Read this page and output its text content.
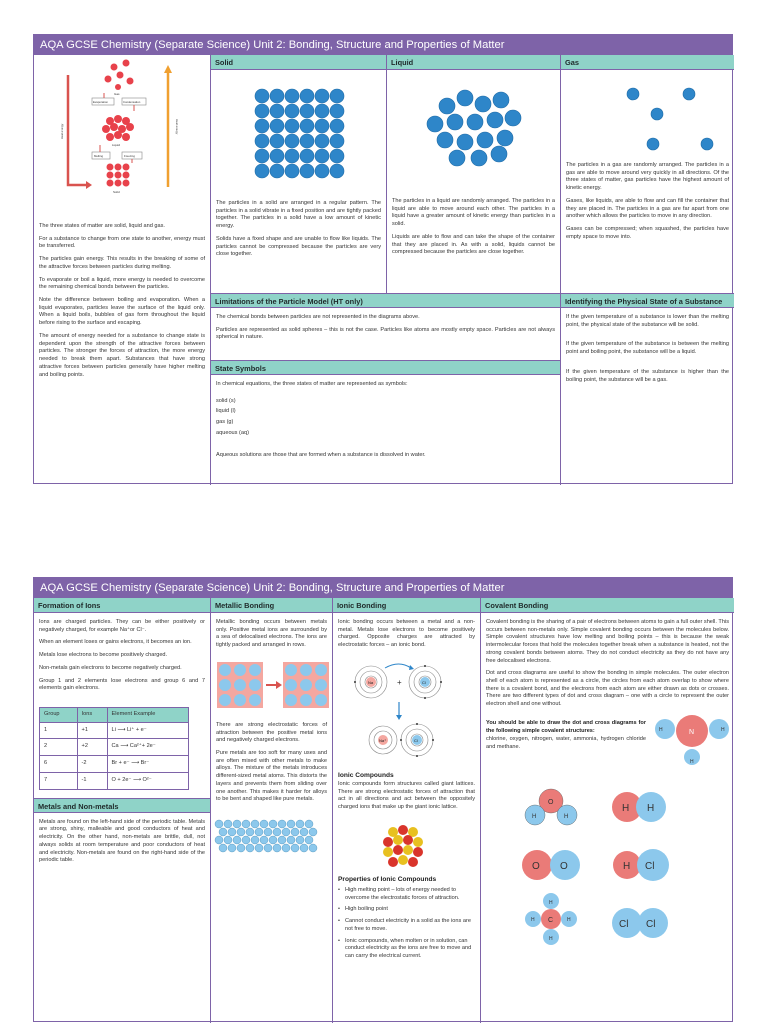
AQA GCSE Chemistry (Separate Science) Unit 2: Bonding, Structure and Properties of Matter
Gas
Evaporation	Condensation
Liquid
Melting	Freezing
Solid
Heat energy	Heat energy

The three states of matter are solid, liquid and gas.

For a substance to change from one state to another, energy must be transferred.

The particles gain energy. This results in the breaking of some of the attractive forces between particles during melting.

To evaporate or boil a liquid, more energy is needed to overcome the remaining chemical bonds between the particles.

Note the difference between boiling and evaporation. When a liquid evaporates, particles leave the surface of the liquid only. When a liquid boils, bubbles of gas form throughout the liquid before rising to the surface and escaping.

The amount of energy needed for a substance to change state is dependent upon the strength of the attractive forces between particles. The stronger the forces of attraction, the more energy needed to break them apart. Substances that have strong attractive forces between particles generally have higher melting and boiling points.

Solid

The particles in a solid are arranged in a regular pattern. The particles in a solid vibrate in a fixed position and are tightly packed together. The particles in a solid have a low amount of kinetic energy.

Solids have a fixed shape and are unable to flow like liquids. The particles cannot be compressed because the particles are very close together.

Liquid

The particles in a liquid are randomly arranged. The particles in a liquid are able to move around each other. The particles in a liquid have a greater amount of kinetic energy than particles in a solid.

Liquids are able to flow and can take the shape of the container that they are placed in. As with a solid, liquids cannot be compressed because the particles are close together.

Gas

The particles in a gas are randomly arranged. The particles in a gas are able to move around very quickly in all directions. Of the three states of matter, gas particles have the highest amount of kinetic energy.

Gases, like liquids, are able to flow and can fill the container that they are placed in. The particles in a gas are far apart from one another which allows the particles to move in any direction.

Gases can be compressed; when squashed, the particles have empty space to move into.

Limitations of the Particle Model (HT only)

The chemical bonds between particles are not represented in the diagrams above.

Particles are represented as solid spheres – this is not the case. Particles like atoms are mostly empty space. Particles are not always spherical in nature.

State Symbols

In chemical equations, the three states of matter are represented as symbols:

solid (s)
liquid (l)
gas (g)
aqueous (aq)

Aqueous solutions are those that are formed when a substance is dissolved in water.

Identifying the Physical State of a Substance

If the given temperature of a substance is lower than the melting point, the physical state of the substance will be solid.

If the given temperature of the substance is between the melting point and boiling point, the substance will be a liquid.

If the given temperature of the substance is higher than the boiling point, the substance will be a gas.

AQA GCSE Chemistry (Separate Science) Unit 2: Bonding, Structure and Properties of Matter
Formation of Ions

Ions are charged particles. They can be either positively or negatively charged, for example Na⁺or Cl⁻.

When an element loses or gains electrons, it becomes an ion.

Metals lose electrons to become positively charged.

Non-metals gain electrons to become negatively charged.

Group 1 and 2 elements lose electrons and group 6 and 7 elements gain electrons.

Group	Ions	Element Example
1	+1	Li ⟶ Li⁺ + e⁻
2	+2	Ca ⟶ Ca²⁺+ 2e⁻
6	-2	Br + e⁻ ⟶ Br⁻
7	-1	O + 2e⁻ ⟶ O²⁻
Metals and Non-metals

Metals are found on the left-hand side of the periodic table. Metals are strong, shiny, malleable and good conductors of heat and electricity. On the other hand, non-metals are brittle, dull, not always solids at room temperature and poor conductors of heat and electricity. Non-metals are found on the right-hand side of the periodic table.

Metallic Bonding

Metallic bonding occurs between metals only. Positive metal ions are surrounded by a sea of delocalised electrons. The ions are tightly packed and arranged in rows.

There are strong electrostatic forces of attraction between the positive metal ions and negatively charged electrons.

Pure metals are too soft for many uses and are often mixed with other metals to make alloys. The mixture of the metals introduces different-sized metal atoms. This distorts the layers and prevents them from sliding over one another. This makes it harder for alloys to be bent and shaped like pure metals.

Ionic Bonding

Ionic bonding occurs between a metal and a non-metal. Metals lose electrons to become positively charged. Opposite charges are attracted by electrostatic forces – an ionic bond.

+
Na	Cl
Na⁺	Cl
Ionic Compounds

Ionic compounds form structures called giant lattices. There are strong electrostatic forces of attraction that act in all directions and act between the oppositely charged ions that make up the giant ionic lattice.

Properties of Ionic Compounds
• High melting point – lots of energy needed to overcome the electrostatic forces of attraction.
• High boiling point
• Cannot conduct electricity in a solid as the ions are not free to move.
• Ionic compounds, when molten or in solution, can conduct electricity as the ions are free to move and can carry the electrical current.
Covalent Bonding

Covalent bonding is the sharing of a pair of electrons between atoms to gain a full outer shell. This occurs between non-metals only. Simple covalent bonding occurs between the molecules below. Simple covalent structures have low melting and boiling points – this is because the weak intermolecular forces that hold the molecules together break when a substance is heated, not the strong covalent bonds between atoms. They do not conduct electricity as they do not have any free delocalised electrons.

Dot and cross diagrams are useful to show the bonding in simple molecules. The outer electron shell of each atom is represented as a circle, the circles from each atom overlap to show where there is a covalent bond, and the electrons from each atom are either drawn as dots or crosses. There are two different types of dot and cross diagram – one with a circle to represent the outer electron shell and one without.

You should be able to draw the dot and cross diagrams for the following simple covalent structures:

chlorine, oxygen, nitrogen, water, ammonia, hydrogen chloride and methane.

N
H	H
H
O
H	H
H H
O O	H Cl
C
H
H
H	H	Cl Cl
